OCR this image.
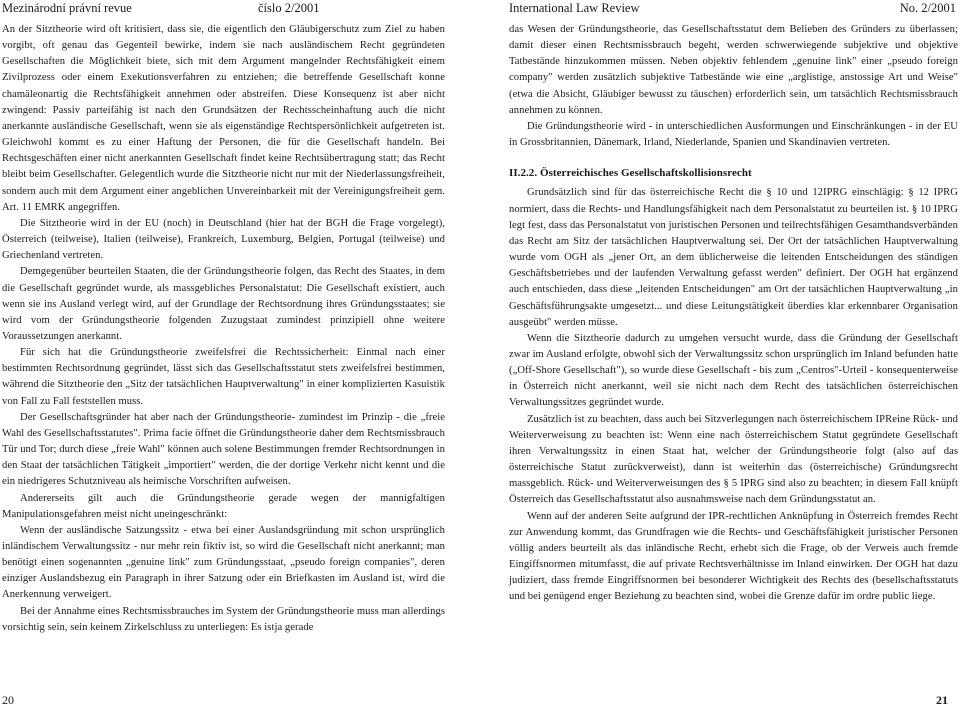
Mezinárodní právní revue	číslo 2/2001	International Law Review	No. 2/2001

An der Sitztheorie wird oft kritisiert, dass sie, die eigentlich den Gläubigerschutz zum Ziel zu haben vorgibt, oft genau das Gegenteil bewirke, indem sie nach ausländischem Recht gegründeten Gesellschaften die Möglichkeit biete, sich mit dem Argument mangelnder Rechtsfähigkeit einem Zivilprozess oder einem Exekutionsverfahren zu entziehen; die betreffende Gesellschaft konne chamäleonartig die Rechtsfähigkeit annehmen oder abstreifen. Diese Konsequenz ist aber nicht zwingend: Passiv parteifähig ist nach den Grundsätzen der Rechtsscheinhaftung auch die nicht anerkannte ausländische Gesellschaft, wenn sie als eigenständige Rechtspersönlichkeit aufgetreten ist. Gleichwohl kommt es zu einer Haftung der Personen, die für die Gesellschaft handeln. Bei Rechtsgeschäften einer nicht anerkannten Gesellschaft findet keine Rechtsübertragung statt; das Recht bleibt beim Gesellschafter. Gelegentlich wurde die Sitztheorie nicht nur mit der Niederlassungsfreiheit, sondern auch mit dem Argument einer angeblichen Unvereinbarkeit mit der Vereinigungsfreiheit gem. Art. 11 EMRK angegriffen.

Die Sitztheorie wird in der EU (noch) in Deutschland (hier hat der BGH die Frage vorgelegt), Österreich (teilweise), Italien (teilweise), Frankreich, Luxemburg, Belgien, Portugal (teilweise) und Griechenland vertreten.

Demgegenüber beurteilen Staaten, die der Gründungstheorie folgen, das Recht des Staates, in dem die Gesellschaft gegründet wurde, als massgebliches Personalstatut: Die Gesellschaft existiert, auch wenn sie ins Ausland verlegt wird, auf der Grundlage der Rechtsordnung ihres Gründungsstaates; sie wird vom der Gründungstheorie folgenden Zuzugstaat zumindest prinzipiell ohne weitere Voraussetzungen anerkannt.

Für sich hat die Gründungstheorie zweifelsfrei die Rechtssicherheit: Einmal nach einer bestimmten Rechtsordnung gegründet, lässt sich das Gesellschaftsstatut stets zweifelsfrei bestimmen, während die Sitztheorie den „Sitz der tatsächlichen Hauptverwaltung" in einer komplizierten Kasuistik von Fall zu Fall feststellen muss.

Der Gesellschaftsgründer hat aber nach der Gründungstheorie- zumindest im Prinzip - die „freie Wahl des Gesellschaftsstatutes". Prima facie öffnet die Gründungstheorie daher dem Rechtsmissbrauch Tür und Tor; durch diese „freie Wahl" können auch solene Bestimmungen fremder Rechtsordnungen in den Staat der tatsächlichen Tätigkeit „importiert" werden, die der dortige Verkehr nicht kennt und die ein niedrigeres Schutzniveau als heimische Vorschriften aufweisen.

Andererseits gilt auch die Gründungstheorie gerade wegen der mannigfaltigen Manipulationsgefahren meist nicht uneingeschränkt:

Wenn der ausländische Satzungssitz - etwa bei einer Auslandsgründung mit schon ursprünglich inländischem Verwaltungssitz - nur mehr rein fiktiv ist, so wird die Gesellschaft nicht anerkannt; man benötigt einen sogenannten „genuine link" zum Gründungsstaat, „pseudo foreign companies", deren einziger Auslandsbezug ein Paragraph in ihrer Satzung oder ein Briefkasten im Ausland ist, wird die Anerkennung verweigert.

Bei der Annahme eines Rechtsmissbrauches im System der Gründungstheorie muss man allerdings vorsichtig sein, sein keinem Zirkelschluss zu unterliegen: Es istja gerade

das Wesen der Gründungstheorie, das Gesellschaftsstatut dem Belieben des Gründers zu überlassen; damit dieser einen Rechtsmissbrauch begeht, werden schwerwiegende subjektive und objektive Tatbestände hinzukommen müssen. Neben objektiv fehlendem „genuine link" einer „pseudo foreign company" werden zusätzlich subjektive Tatbestände wie eine „arglistige, anstossige Art und Weise" (etwa die Absicht, Gläubiger bewusst zu täuschen) erforderlich sein, um tatsächlich Rechtsmissbrauch annehmen zu können.

Die Gründungstheorie wird - in unterschiedlichen Ausformungen und Einschränkungen - in der EU in Grossbritannien, Dänemark, Irland, Niederlande, Spanien und Skandinavien vertreten.

II.2.2. Österreichisches Gesellschaftskollisionsrecht

Grundsätzlich sind für das österreichische Recht die § 10 und 12IPRG einschlägig: § 12 IPRG normiert, dass die Rechts- und Handlungsfähigkeit nach dem Personalstatut zu beurteilen ist. § 10 IPRG legt fest, dass das Personalstatut von juristischen Personen und teilrechtsfähigen Gesamthandsverbänden das Recht am Sitz der tatsächlichen Hauptverwaltung sei. Der Ort der tatsächlichen Hauptverwaltung wurde vom OGH als „jener Ort, an dem üblicherweise die leitenden Entscheidungen des ständigen Geschäftsbetriebes und der laufenden Verwaltung gefasst werden" definiert. Der OGH hat ergänzend auch entschieden, dass diese „leitenden Entscheidungen" am Ort der tatsächlichen Hauptverwaltung „in Geschäftsführungsakte umgesetzt... und diese Leitungstätigkeit überdies klar erkennbarer Organisation ausgeübt" werden müsse.

Wenn die Sitztheorie dadurch zu umgehen versucht wurde, dass die Gründung der Gesellschaft zwar im Ausland erfolgte, obwohl sich der Verwaltungssitz schon ursprünglich im Inland befunden hatte („Off-Shore Gesellschaft"), so wurde diese Gesellschaft - bis zum „Centros"-Urteil - konsequenterweise in Österreich nicht anerkannt, weil sie nicht nach dem Recht des tatsächlichen österreichischen Verwaltungssitzes gegründet wurde.

Zusätzlich ist zu beachten, dass auch bei Sitzverlegungen nach österreichischem IPReine Rück- und Weiterverweisung zu beachten ist: Wenn eine nach österreichischem Statut gegründete Gesellschaft ihren Verwaltungssitz in einen Staat hat, welcher der Gründungstheorie folgt (also auf das österreichische Statut zurückverweist), dann ist weiterhin das (österreichische) Gründungsrecht massgeblich. Rück- und Weiterverweisungen des § 5 IPRG sind also zu beachten; in diesem Fall knüpft Österreich das Gesellschaftsstatut also ausnahmsweise nach dem Gründungsstatut an.

Wenn auf der anderen Seite aufgrund der IPR-rechtlichen Anknüpfung in Österreich fremdes Recht zur Anwendung kommt, das Grundfragen wie die Rechts- und Geschäftsfähigkeit juristischer Personen völlig anders beurteilt als das inländische Recht, erhebt sich die Frage, ob der Verweis auch fremde Eingiffsnormen mitumfasst, die auf private Rechtsverhältnisse im Inland einwirken. Der OGH hat dazu judiziert, dass fremde Eingriffsnormen bei besonderer Wichtigkeit des Rechts des (besellschaftsstatuts und bei genügend enger Beziehung zu beachten sind, wobei die Grenze dafür im ordre public liege.

20	21
